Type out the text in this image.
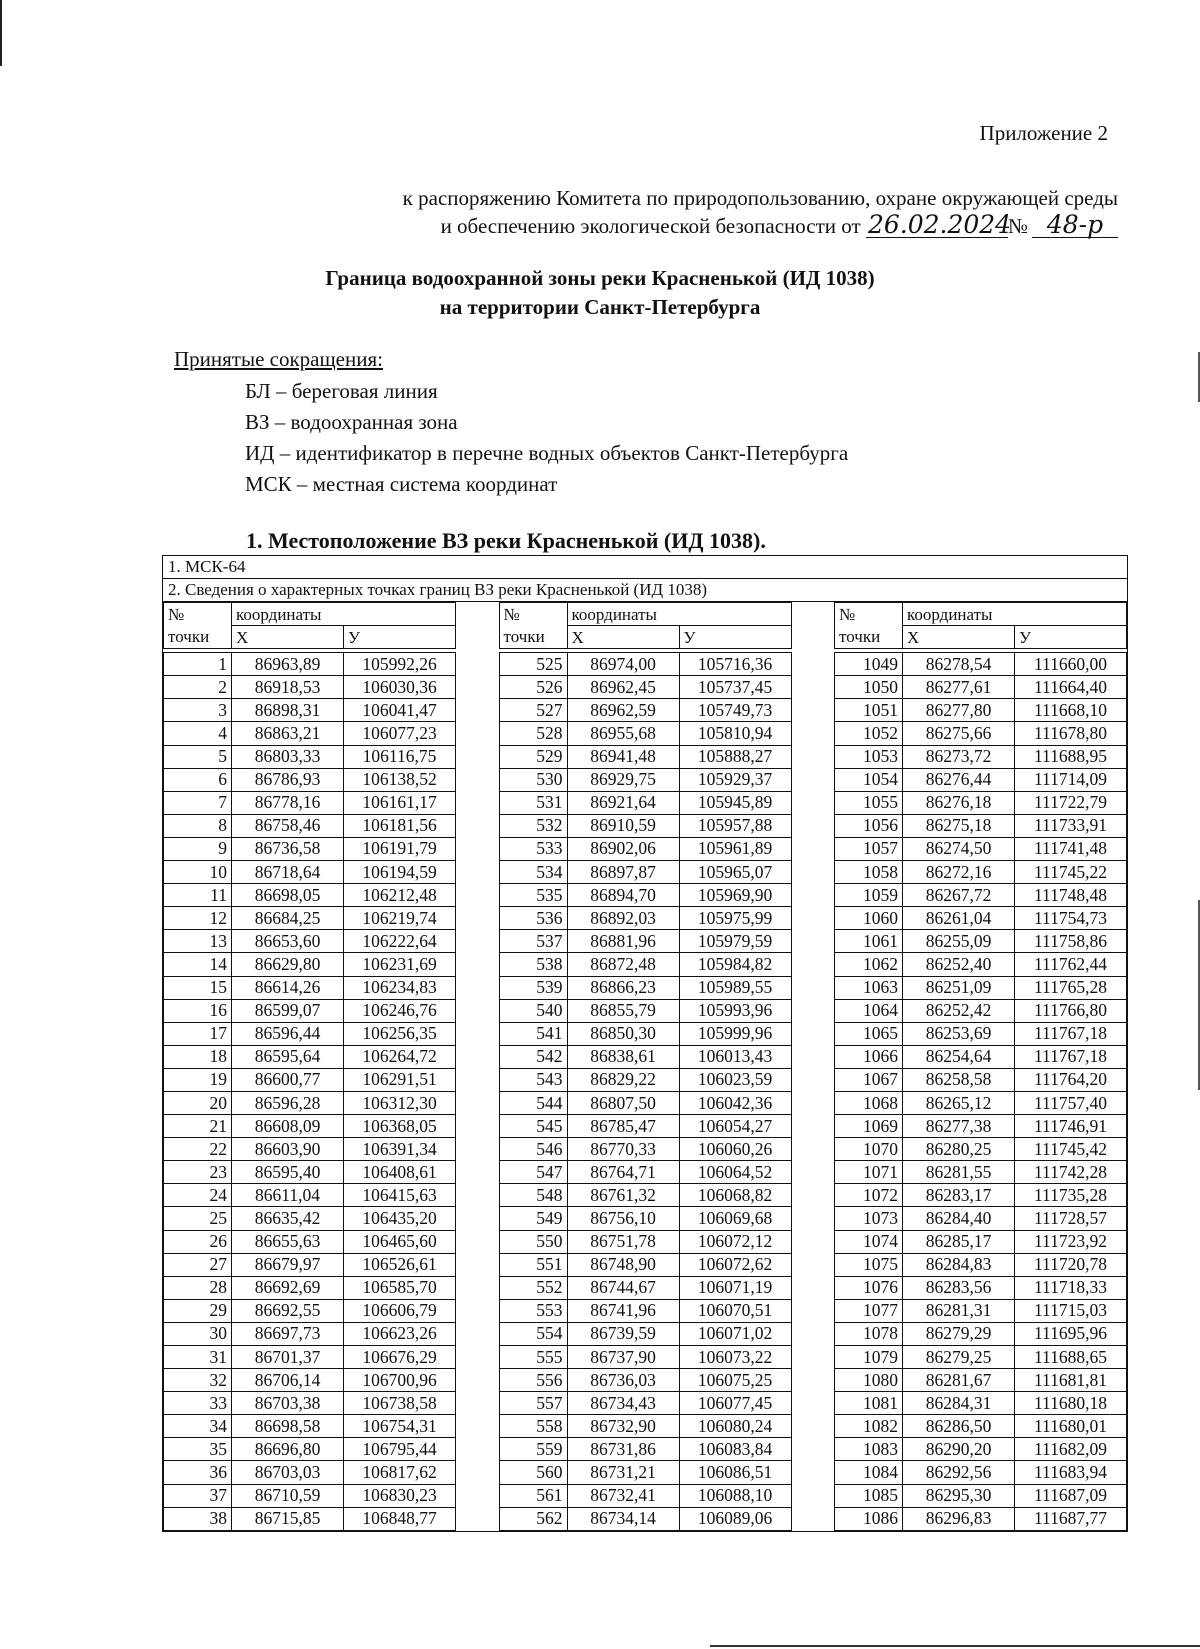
Приложение 2
к распоряжению Комитета по природопользованию, охране окружающей среды
и обеспечению экологической безопасности от 26.02.2024№ 48-р
Граница водоохранной зоны реки Красненькой (ИД 1038)
на территории Санкт-Петербурга
Принятые сокращения:
БЛ – береговая линия
ВЗ – водоохранная зона
ИД – идентификатор в перечне водных объектов Санкт-Петербурга
МСК – местная система координат
1. Местоположение ВЗ реки Красненькой (ИД 1038).
1. МСК-64
2. Сведения о характерных точках границ ВЗ реки Красненькой (ИД 1038)
№	координаты	
точки	Х	У

1	86963,89	105992,26
2	86918,53	106030,36
3	86898,31	106041,47
4	86863,21	106077,23
5	86803,33	106116,75
6	86786,93	106138,52
7	86778,16	106161,17
8	86758,46	106181,56
9	86736,58	106191,79
10	86718,64	106194,59
11	86698,05	106212,48
12	86684,25	106219,74
13	86653,60	106222,64
14	86629,80	106231,69
15	86614,26	106234,83
16	86599,07	106246,76
17	86596,44	106256,35
18	86595,64	106264,72
19	86600,77	106291,51
20	86596,28	106312,30
21	86608,09	106368,05
22	86603,90	106391,34
23	86595,40	106408,61
24	86611,04	106415,63
25	86635,42	106435,20
26	86655,63	106465,60
27	86679,97	106526,61
28	86692,69	106585,70
29	86692,55	106606,79
30	86697,73	106623,26
31	86701,37	106676,29
32	86706,14	106700,96
33	86703,38	106738,58
34	86698,58	106754,31
35	86696,80	106795,44
36	86703,03	106817,62
37	86710,59	106830,23
38	86715,85	106848,77
№	координаты	
точки	Х	У

525	86974,00	105716,36
526	86962,45	105737,45
527	86962,59	105749,73
528	86955,68	105810,94
529	86941,48	105888,27
530	86929,75	105929,37
531	86921,64	105945,89
532	86910,59	105957,88
533	86902,06	105961,89
534	86897,87	105965,07
535	86894,70	105969,90
536	86892,03	105975,99
537	86881,96	105979,59
538	86872,48	105984,82
539	86866,23	105989,55
540	86855,79	105993,96
541	86850,30	105999,96
542	86838,61	106013,43
543	86829,22	106023,59
544	86807,50	106042,36
545	86785,47	106054,27
546	86770,33	106060,26
547	86764,71	106064,52
548	86761,32	106068,82
549	86756,10	106069,68
550	86751,78	106072,12
551	86748,90	106072,62
552	86744,67	106071,19
553	86741,96	106070,51
554	86739,59	106071,02
555	86737,90	106073,22
556	86736,03	106075,25
557	86734,43	106077,45
558	86732,90	106080,24
559	86731,86	106083,84
560	86731,21	106086,51
561	86732,41	106088,10
562	86734,14	106089,06
№	координаты	
точки	Х	У

1049	86278,54	111660,00
1050	86277,61	111664,40
1051	86277,80	111668,10
1052	86275,66	111678,80
1053	86273,72	111688,95
1054	86276,44	111714,09
1055	86276,18	111722,79
1056	86275,18	111733,91
1057	86274,50	111741,48
1058	86272,16	111745,22
1059	86267,72	111748,48
1060	86261,04	111754,73
1061	86255,09	111758,86
1062	86252,40	111762,44
1063	86251,09	111765,28
1064	86252,42	111766,80
1065	86253,69	111767,18
1066	86254,64	111767,18
1067	86258,58	111764,20
1068	86265,12	111757,40
1069	86277,38	111746,91
1070	86280,25	111745,42
1071	86281,55	111742,28
1072	86283,17	111735,28
1073	86284,40	111728,57
1074	86285,17	111723,92
1075	86284,83	111720,78
1076	86283,56	111718,33
1077	86281,31	111715,03
1078	86279,29	111695,96
1079	86279,25	111688,65
1080	86281,67	111681,81
1081	86284,31	111680,18
1082	86286,50	111680,01
1083	86290,20	111682,09
1084	86292,56	111683,94
1085	86295,30	111687,09
1086	86296,83	111687,77
